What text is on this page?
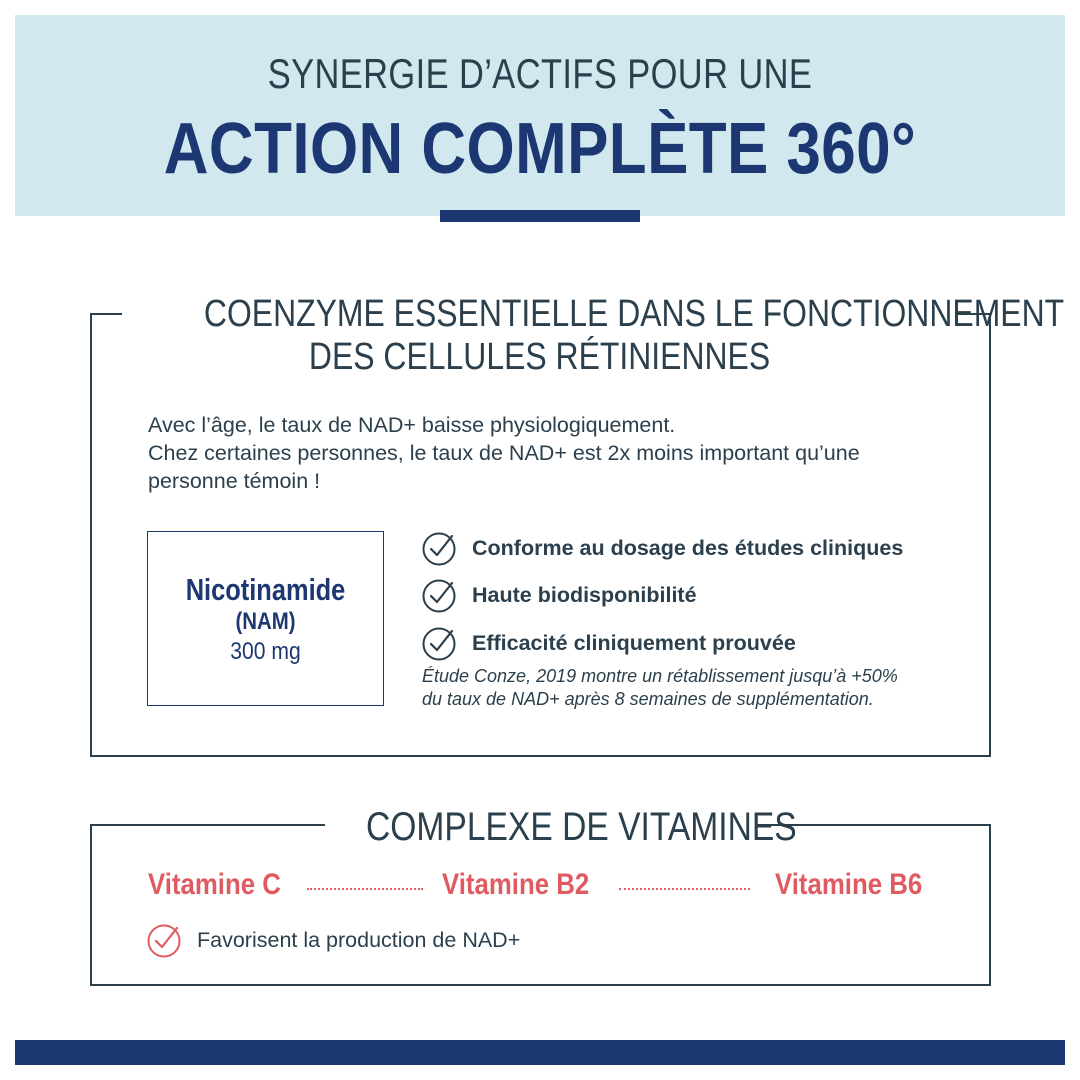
SYNERGIE D’ACTIFS POUR UNE
ACTION COMPLÈTE 360°
COENZYME ESSENTIELLE DANS LE FONCTIONNEMENT
DES CELLULES RÉTINIENNES
Avec l’âge, le taux de NAD+ baisse physiologiquement.
Chez certaines personnes, le taux de NAD+ est 2x moins important qu’une
personne témoin !
Nicotinamide
(NAM)
300 mg
Conforme au dosage des études cliniques
Haute biodisponibilité
Efficacité cliniquement prouvée
Étude Conze, 2019 montre un rétablissement jusqu’à +50%
du taux de NAD+ après 8 semaines de supplémentation.
COMPLEXE DE VITAMINES
Vitamine C	Vitamine B2	Vitamine B6
Favorisent la production de NAD+
